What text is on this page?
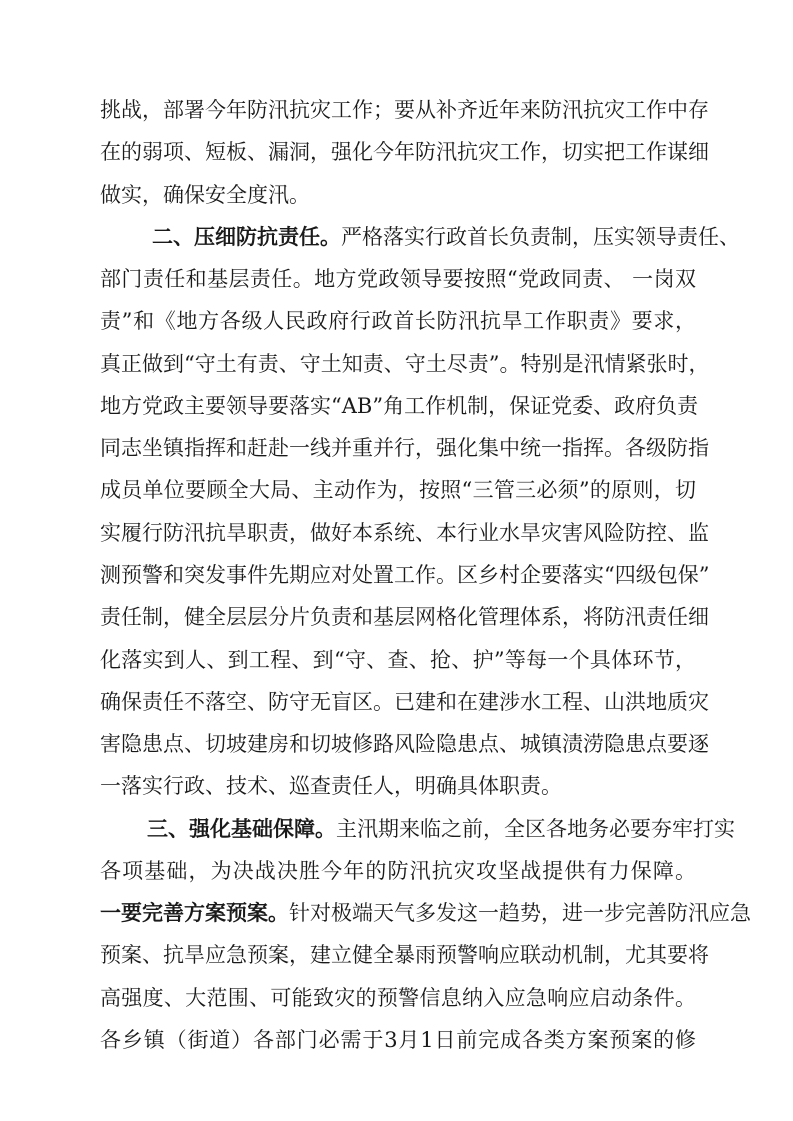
挑战，部署今年防汛抗灾工作；要从补齐近年来防汛抗灾工作中存
在的弱项、短板、漏洞，强化今年防汛抗灾工作，切实把工作谋细
做实，确保安全度汛。
二、压细防抗责任。严格落实行政首长负责制，压实领导责任、
部门责任和基层责任。地方党政领导要按照“党政同责、 一岗双
责”和《地方各级人民政府行政首长防汛抗旱工作职责》要求，
真正做到“守土有责、守土知责、守土尽责”。特别是汛情紧张时，
地方党政主要领导要落实“AB”角工作机制，保证党委、政府负责
同志坐镇指挥和赶赴一线并重并行，强化集中统一指挥。各级防指
成员单位要顾全大局、主动作为，按照“三管三必须”的原则，切
实履行防汛抗旱职责，做好本系统、本行业水旱灾害风险防控、监
测预警和突发事件先期应对处置工作。区乡村企要落实“四级包保”
责任制，健全层层分片负责和基层网格化管理体系，将防汛责任细
化落实到人、到工程、到“守、查、抢、护”等每一个具体环节，
确保责任不落空、防守无盲区。已建和在建涉水工程、山洪地质灾
害隐患点、切坡建房和切坡修路风险隐患点、城镇渍涝隐患点要逐
一落实行政、技术、巡查责任人，明确具体职责。
三、强化基础保障。主汛期来临之前，全区各地务必要夯牢打实
各项基础，为决战决胜今年的防汛抗灾攻坚战提供有力保障。
一要完善方案预案。针对极端天气多发这一趋势，进一步完善防汛应急
预案、抗旱应急预案，建立健全暴雨预警响应联动机制，尤其要将
高强度、大范围、可能致灾的预警信息纳入应急响应启动条件。
各乡镇（街道）各部门必需于3月1日前完成各类方案预案的修
